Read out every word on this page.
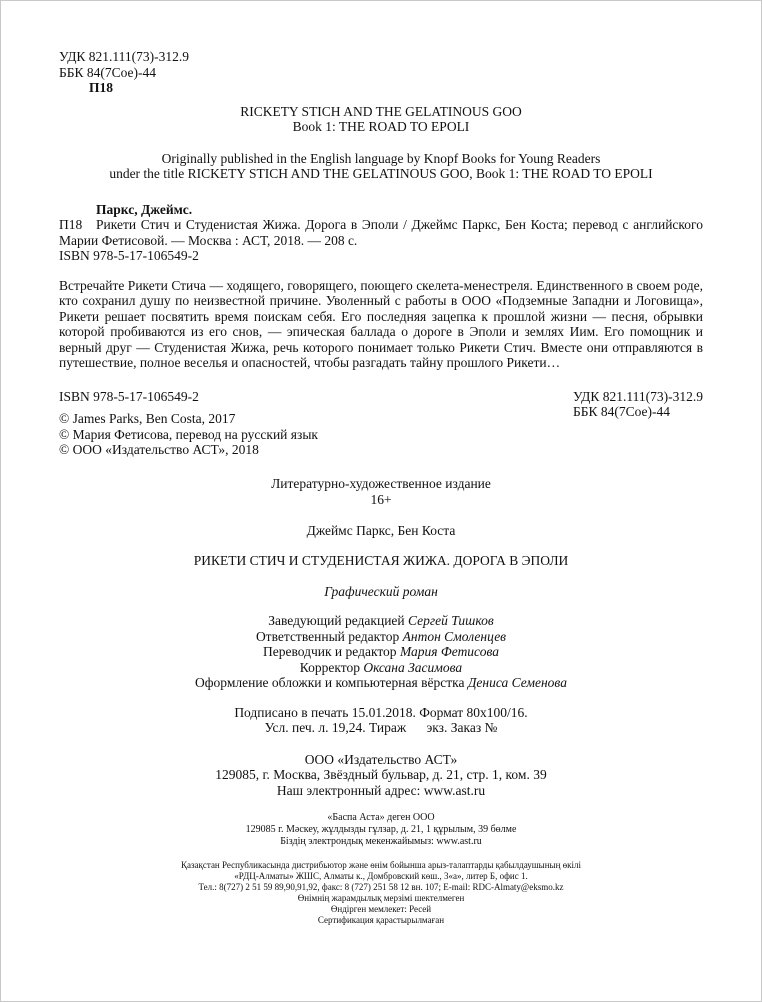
УДК 821.111(73)-312.9
ББК 84(7Сое)-44
П18
RICKETY STICH AND THE GELATINOUS GOO
Book 1: THE ROAD TO EPOLI
Originally published in the English language by Knopf Books for Young Readers
under the title RICKETY STICH AND THE GELATINOUS GOO, Book 1: THE ROAD TO EPOLI
Паркс, Джеймс.
П18 Рикети Стич и Студенистая Жижа. Дорога в Эполи / Джеймс Паркс, Бен Коста; перевод с английского Марии Фетисовой. — Москва : АСТ, 2018. — 208 с.
ISBN 978-5-17-106549-2
Встречайте Рикети Стича — ходящего, говорящего, поющего скелета-менестреля. Единственного в своем роде, кто сохранил душу по неизвестной причине. Уволенный с работы в ООО «Подземные Западни и Логовища», Рикети решает посвятить время поискам себя. Его последняя зацепка к прошлой жизни — песня, обрывки которой пробиваются из его снов, — эпическая баллада о дороге в Эполи и землях Иим. Его помощник и верный друг — Студенистая Жижа, речь которого понимает только Рикети Стич. Вместе они отправляются в путешествие, полное веселья и опасностей, чтобы разгадать тайну прошлого Рикети…
ISBN 978-5-17-106549-2
© James Parks, Ben Costa, 2017
© Мария Фетисова, перевод на русский язык
© ООО «Издательство АСТ», 2018
УДК 821.111(73)-312.9
ББК 84(7Сое)-44
Литературно-художественное издание
16+
Джеймс Паркс, Бен Коста
РИКЕТИ СТИЧ И СТУДЕНИСТАЯ ЖИЖА. ДОРОГА В ЭПОЛИ
Графический роман
Заведующий редакцией Сергей Тишков
Ответственный редактор Антон Смоленцев
Переводчик и редактор Мария Фетисова
Корректор Оксана Засимова
Оформление обложки и компьютерная вёрстка Дениса Семенова
Подписано в печать 15.01.2018. Формат 80х100/16.
Усл. печ. л. 19,24. Тираж      экз. Заказ №
ООО «Издательство АСТ»
129085, г. Москва, Звёздный бульвар, д. 21, стр. 1, ком. 39
Наш электронный адрес: www.ast.ru
«Баспа Аста» деген ООО
129085 г. Мәскеу, жұлдызды гұлзар, д. 21, 1 құрылым, 39 бөлме
Біздің электрондық мекенжайымыз: www.ast.ru
Қазақстан Республикасында дистрибьютор және өнім бойынша арыз-талаптарды қабылдаушының өкілі
«РДЦ-Алматы» ЖШС, Алматы к., Домбровский көш., 3«а», литер Б, офис 1.
Тел.: 8(727) 2 51 59 89,90,91,92, факс: 8 (727) 251 58 12 вн. 107; E-mail: RDC-Almaty@eksmo.kz
Өнімнің жарамдылық мерзімі шектелмеген
Өндірген мемлекет: Ресей
Сертификация қарастырылмаған
